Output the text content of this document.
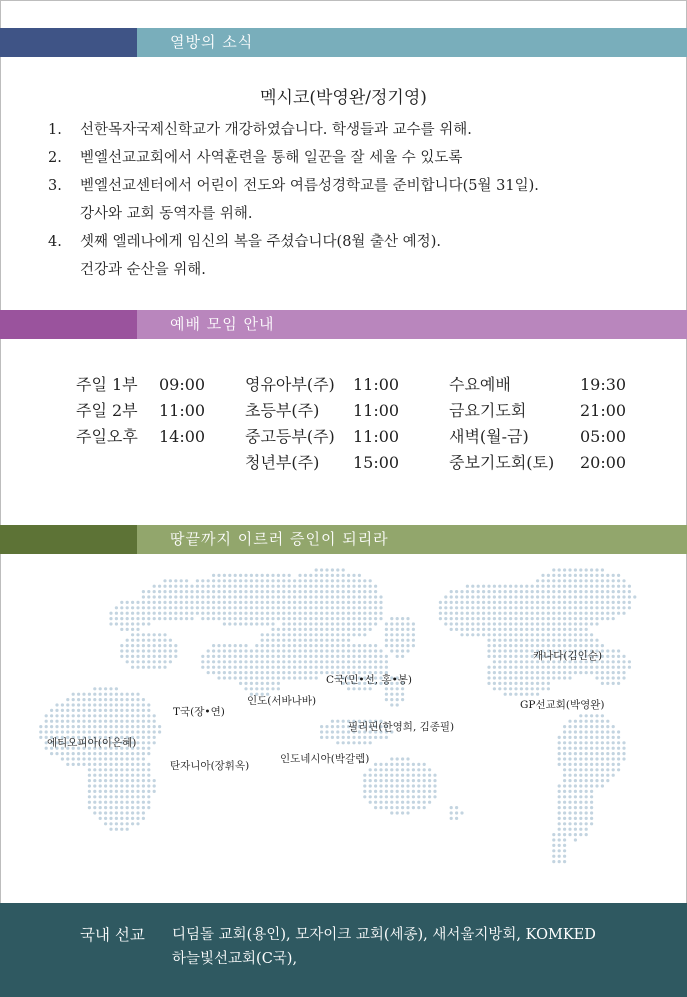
열방의 소식
멕시코(박영완/정기영)
1. 선한목자국제신학교가 개강하였습니다. 학생들과 교수를 위해.
2. 벧엘선교교회에서 사역훈련을 통해 일꾼을 잘 세울 수 있도록
3. 벧엘선교센터에서 어린이 전도와 여름성경학교를 준비합니다(5월 31일).
강사와 교회 동역자를 위해.
4. 셋째 엘레나에게 임신의 복을 주셨습니다(8월 출산 예정).
건강과 순산을 위해.
예배 모임 안내
주일 1부 09:00
주일 2부 11:00
주일오후 14:00
영유아부(주) 11:00
초등부(주) 11:00
중고등부(주) 11:00
청년부(주) 15:00
수요예배	19:30
금요기도회	21:00
새벽(월-금)	05:00
중보기도회(토) 20:00
땅끝까지 이르러 증인이 되리라
캐나다(김인순)
C국(민•선, 홍•봉)
인도(서바나바)
T국(장•연)
GP선교회(박영완)
필리핀(한영희, 김종필)
에티오피아(이은혜)
인도네시아(박갈렙)
탄자니아(장휘옥)
국내 선교 디딤돌 교회(용인), 모자이크 교회(세종), 새서울지방회, KOMKED
하늘빛선교회(C국),
